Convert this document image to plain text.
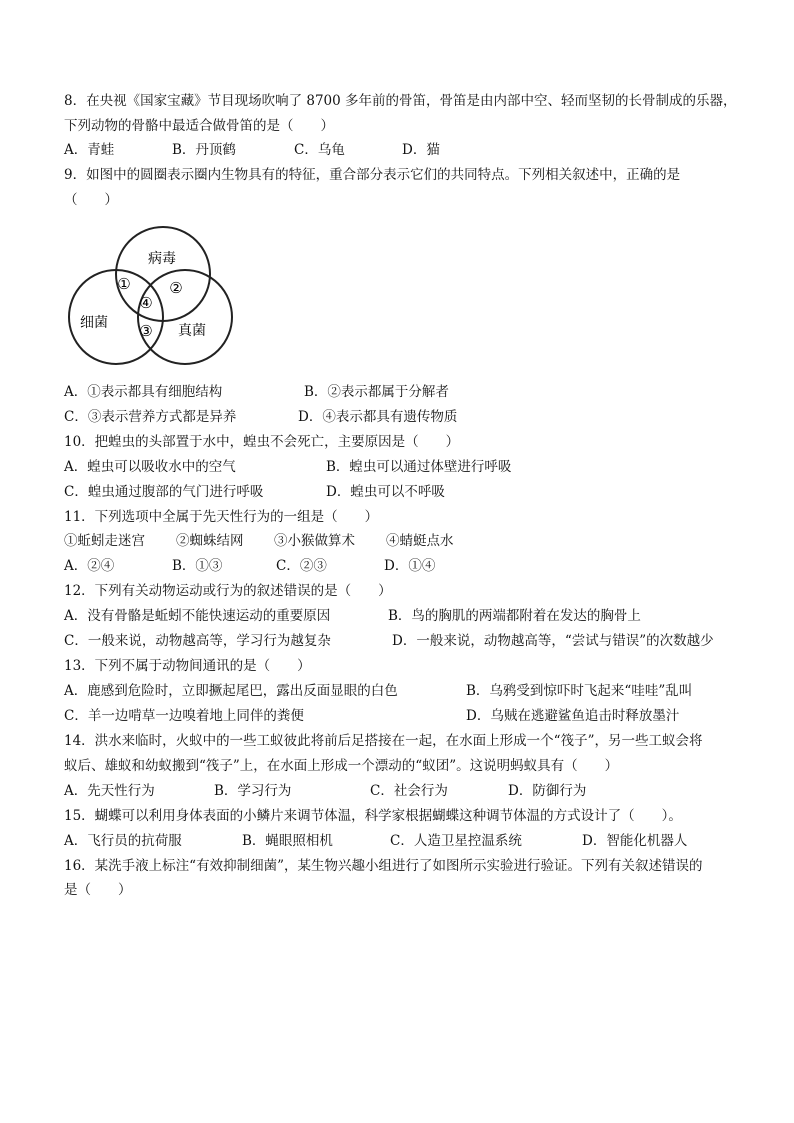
8．在央视《国家宝藏》节目现场吹响了 8700 多年前的骨笛，骨笛是由内部中空、轻而坚韧的长骨制成的乐器，
下列动物的骨骼中最适合做骨笛的是（　　）
A．青蛙	B．丹顶鹤	C．乌龟	D．猫
9．如图中的圆圈表示圈内生物具有的特征，重合部分表示它们的共同特点。下列相关叙述中，正确的是
（　　）
病毒
细菌	真菌
①	②
③
④
A．①表示都具有细胞结构	B．②表示都属于分解者
C．③表示营养方式都是异养	D．④表示都具有遗传物质
10．把蝗虫的头部置于水中，蝗虫不会死亡，主要原因是（　　）
A．蝗虫可以吸收水中的空气	B．蝗虫可以通过体壁进行呼吸
C．蝗虫通过腹部的气门进行呼吸	D．蝗虫可以不呼吸
11．下列选项中全属于先天性行为的一组是（　　）
①蚯蚓走迷宫 ②蜘蛛结网 ③小猴做算术 ④蜻蜓点水
A．②④	B．①③	C．②③	D．①④
12．下列有关动物运动或行为的叙述错误的是（　　）
A．没有骨骼是蚯蚓不能快速运动的重要原因	B．鸟的胸肌的两端都附着在发达的胸骨上
C．一般来说，动物越高等，学习行为越复杂	D．一般来说，动物越高等，“尝试与错误”的次数越少
13．下列不属于动物间通讯的是（　　）
A．鹿感到危险时，立即撅起尾巴，露出反面显眼的白色	B．乌鸦受到惊吓时飞起来“哇哇”乱叫
C．羊一边啃草一边嗅着地上同伴的粪便	D．乌贼在逃避鲨鱼追击时释放墨汁
14．洪水来临时，火蚁中的一些工蚁彼此将前后足搭接在一起，在水面上形成一个“筏子”，另一些工蚁会将
蚁后、雄蚁和幼蚁搬到“筏子”上，在水面上形成一个漂动的“蚁团”。这说明蚂蚁具有（　　）
A．先天性行为	B．学习行为	C．社会行为	D．防御行为
15．蝴蝶可以利用身体表面的小鳞片来调节体温，科学家根据蝴蝶这种调节体温的方式设计了（　　）。
A．飞行员的抗荷服	B．蝇眼照相机	C．人造卫星控温系统	D．智能化机器人
16．某洗手液上标注“有效抑制细菌”，某生物兴趣小组进行了如图所示实验进行验证。下列有关叙述错误的
是（　　）
